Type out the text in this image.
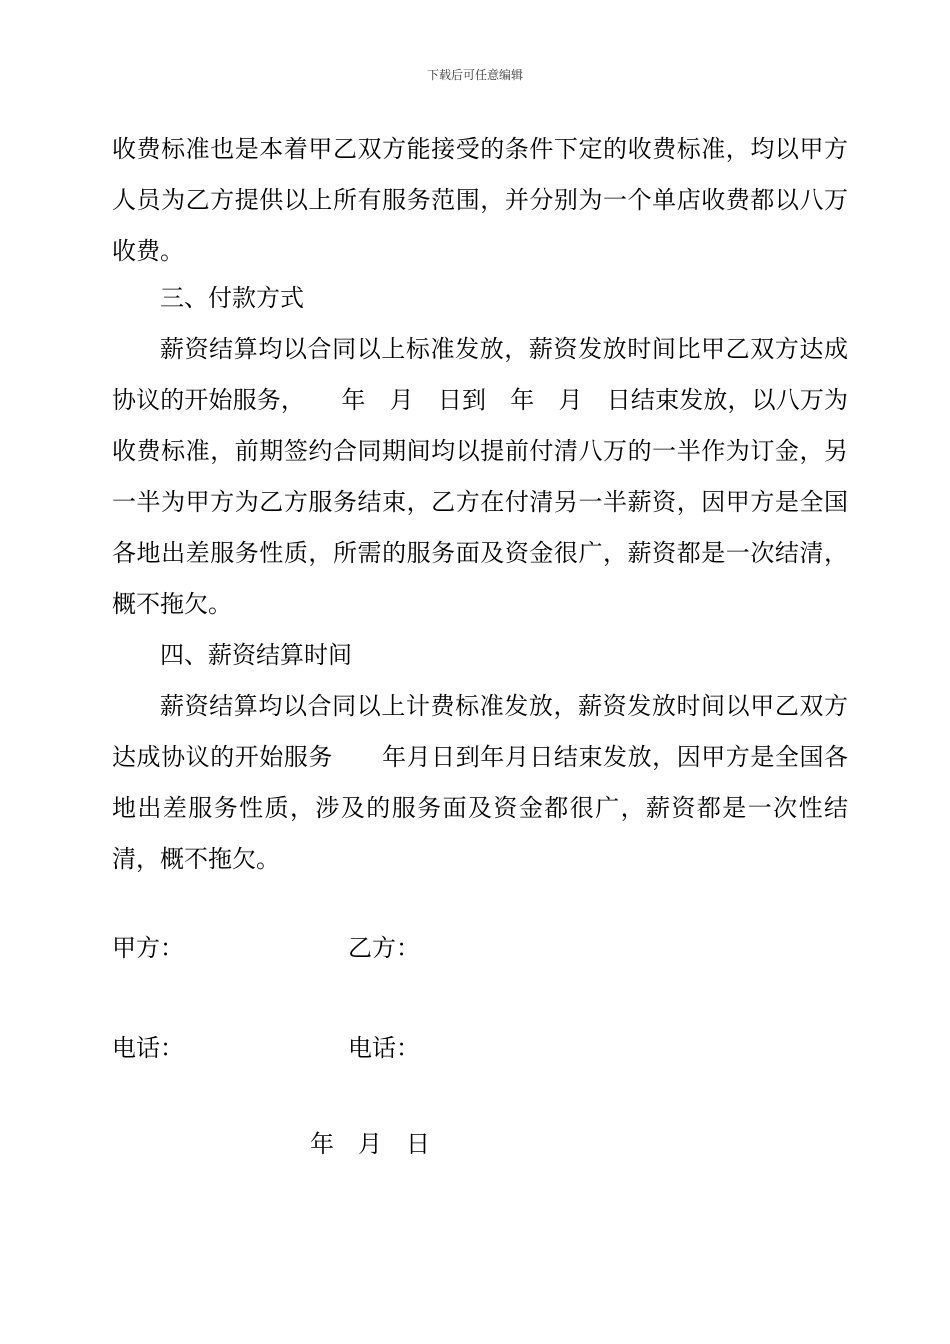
下载后可任意编辑

收费标准也是本着甲乙双方能接受的条件下定的收费标准，均以甲方人员为乙方提供以上所有服务范围，并分别为一个单店收费都以八万收费。

三、付款方式

薪资结算均以合同以上标准发放，薪资发放时间比甲乙双方达成协议的开始服务，　　年　月　日到　年　月　日结束发放，以八万为收费标准，前期签约合同期间均以提前付清八万的一半作为订金，另一半为甲方为乙方服务结束，乙方在付清另一半薪资，因甲方是全国各地出差服务性质，所需的服务面及资金很广，薪资都是一次结清，概不拖欠。

四、薪资结算时间

薪资结算均以合同以上计费标准发放，薪资发放时间以甲乙双方达成协议的开始服务　　年月日到年月日结束发放，因甲方是全国各地出差服务性质，涉及的服务面及资金都很广，薪资都是一次性结清，概不拖欠。

甲方：	乙方：
电话：	电话：
年　月　日
